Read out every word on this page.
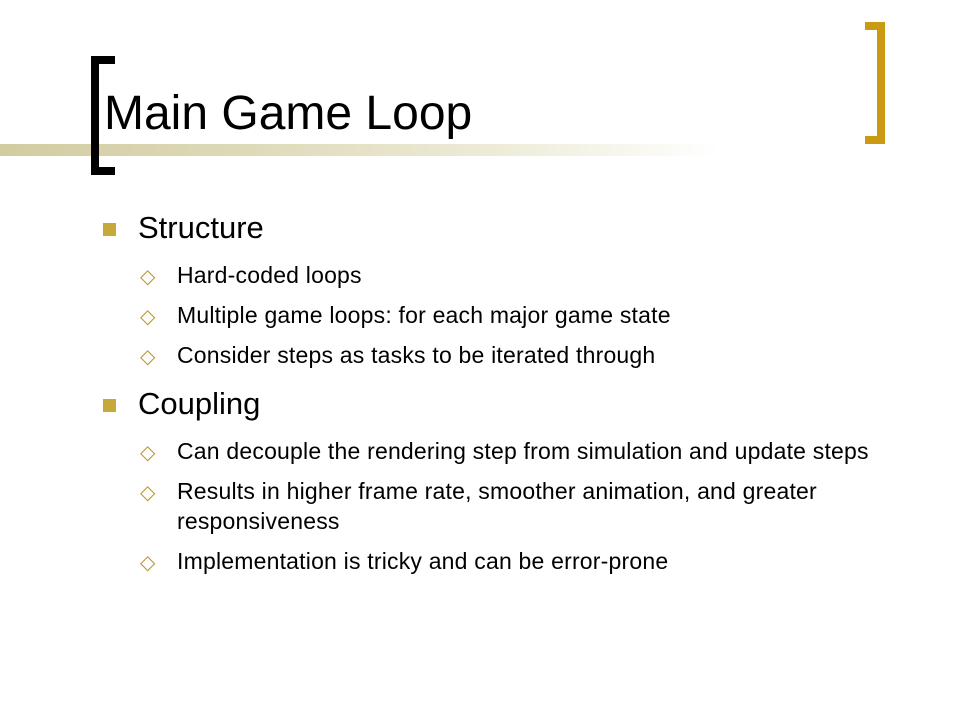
Main Game Loop
Structure
◇ Hard-coded loops
◇ Multiple game loops: for each major game state
◇ Consider steps as tasks to be iterated through
Coupling
◇ Can decouple the rendering step from simulation and update steps
◇ Results in higher frame rate, smoother animation, and greater responsiveness
◇ Implementation is tricky and can be error-prone
